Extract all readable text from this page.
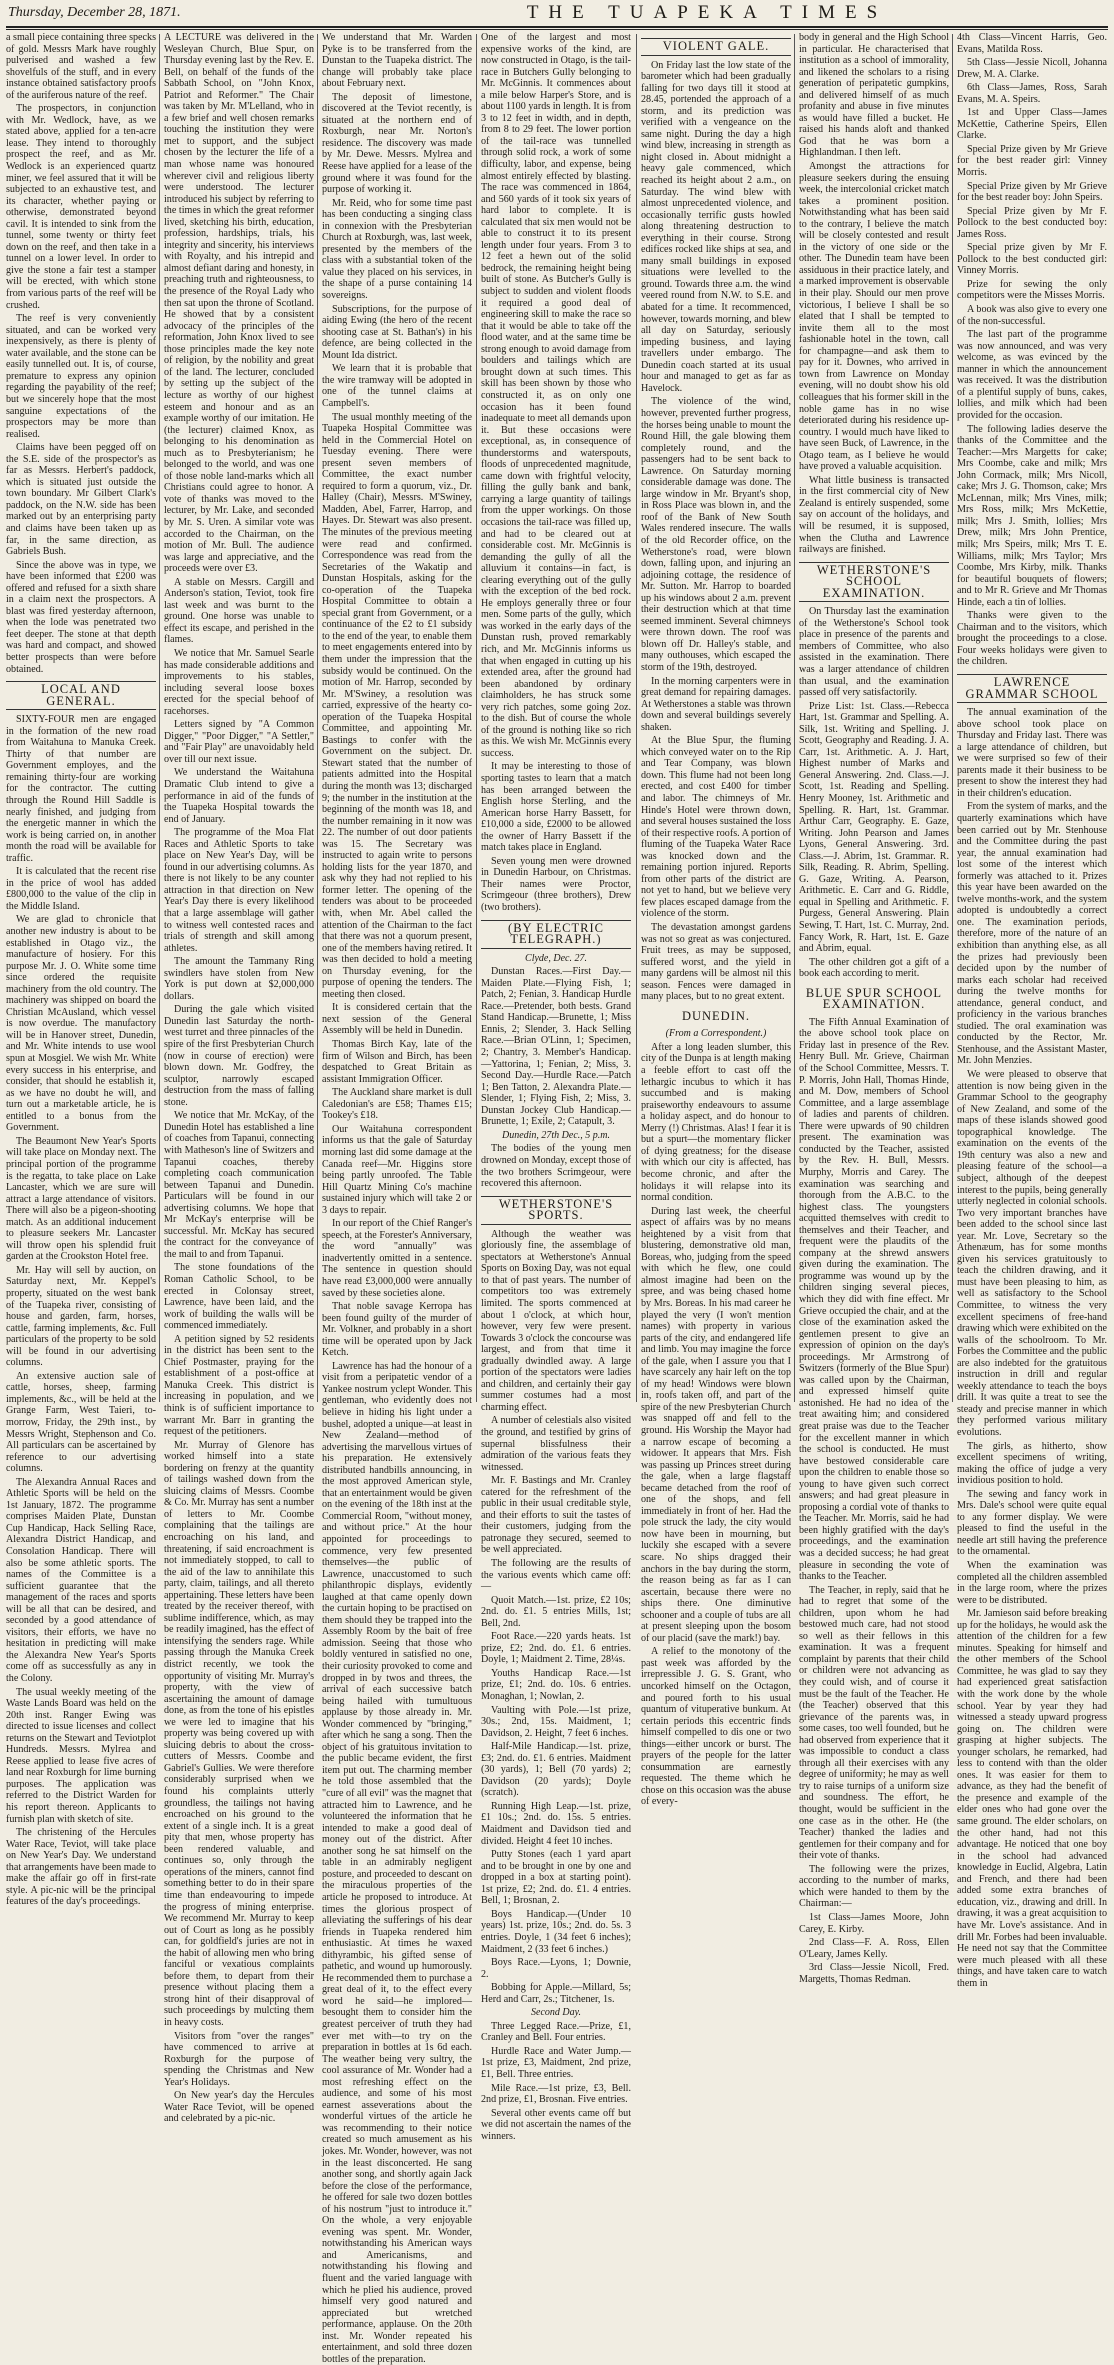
Thursday, December 28, 1871.	THE TUAPEKA TIMES

a small piece containing three specks of gold. Messrs Mark have roughly pulverised and washed a few shovelfuls of the stuff, and in every instance obtained satisfactory proofs of the auriferous nature of the reef.

The prospectors, in conjunction with Mr. Wedlock, have, as we stated above, applied for a ten-acre lease. They intend to thoroughly prospect the reef, and as Mr. Wedlock is an experienced quartz miner, we feel assured that it will be subjected to an exhaustive test, and its character, whether paying or otherwise, demonstrated beyond cavil. It is intended to sink from the tunnel, some twenty or thirty feet down on the reef, and then take in a tunnel on a lower level. In order to give the stone a fair test a stamper will be erected, with which stone from various parts of the reef will be crushed.

The reef is very conveniently situated, and can be worked very inexpensively, as there is plenty of water available, and the stone can be easily tunnelled out. It is, of course, premature to express any opinion regarding the payability of the reef; but we sincerely hope that the most sanguine expectations of the prospectors may be more than realised.

Claims have been pegged off on the S.E. side of the prospector's as far as Messrs. Herbert's paddock, which is situated just outside the town boundary. Mr Gilbert Clark's paddock, on the N.W. side has been marked out by an enterprising party and claims have been taken up as far, in the same direction, as Gabriels Bush.

Since the above was in type, we have been informed that £200 was offered and refused for a sixth share in a claim next the prospectors. A blast was fired yesterday afternoon, when the lode was penetrated two feet deeper. The stone at that depth was hard and compact, and showed better prospects than were before obtained.

LOCAL AND GENERAL.

SIXTY-FOUR men are engaged in the formation of the new road from Waitahuna to Manuka Creek. Thirty of that number are Government employes, and the remaining thirty-four are working for the contractor. The cutting through the Round Hill Saddle is nearly finished, and judging from the energetic manner in which the work is being carried on, in another month the road will be available for traffic.

It is calculated that the recent rise in the price of wool has added £800,000 to the value of the clip in the Middle Island.

We are glad to chronicle that another new industry is about to be established in Otago viz., the manufacture of hosiery. For this purpose Mr. J. O. White some time since ordered the requisite machinery from the old country. The machinery was shipped on board the Christian McAusland, which vessel is now overdue. The manufactory will be in Hanover street, Dunedin, and Mr. White intends to use wool spun at Mosgiel. We wish Mr. White every success in his enterprise, and consider, that should he establish it, as we have no doubt he will, and turn out a marketable article, he is entitled to a bonus from the Government.

The Beaumont New Year's Sports will take place on Monday next. The principal portion of the programme is the regatta, to take place on Lake Lancaster, which we are sure will attract a large attendance of visitors. There will also be a pigeon-shooting match. As an additional inducement to pleasure seekers Mr. Lancaster will throw open his splendid fruit garden at the Crookston Hotel free.

Mr. Hay will sell by auction, on Saturday next, Mr. Keppel's property, situated on the west bank of the Tuapeka river, consisting of house and garden, farm, horses, cattle, farming implements, &c. Full particulars of the property to be sold will be found in our advertising columns.

An extensive auction sale of cattle, horses, sheep, farming implements, &c., will be held at the Grange Farm, West Taieri, to-morrow, Friday, the 29th inst., by Messrs Wright, Stephenson and Co. All particulars can be ascertained by reference to our advertising columns.

The Alexandra Annual Races and Athletic Sports will be held on the 1st January, 1872. The programme comprises Maiden Plate, Dunstan Cup Handicap, Hack Selling Race, Alexandra District Handicap, and Consolation Handicap. There will also be some athletic sports. The names of the Committee is a sufficient guarantee that the management of the races and sports will be all that can be desired, and seconded by a good attendance of visitors, their efforts, we have no hesitation in predicting will make the Alexandra New Year's Sports come off as successfully as any in the Colony.

The usual weekly meeting of the Waste Lands Board was held on the 20th inst. Ranger Ewing was directed to issue licenses and collect returns on the Stewart and Teviotplot Hundreds. Messrs. Mylrea and Reese applied to lease five acres of land near Roxburgh for lime burning purposes. The application was referred to the District Warden for his report thereon. Applicants to furnish plan with sketch of site.

The christening of the Hercules Water Race, Teviot, will take place on New Year's Day. We understand that arrangements have been made to make the affair go off in first-rate style. A pic-nic will be the principal features of the day's proceedings.

A LECTURE was delivered in the Wesleyan Church, Blue Spur, on Thursday evening last by the Rev. E. Bell, on behalf of the funds of the Sabbath School, on "John Knox, Patriot and Reformer." The Chair was taken by Mr. M'Lelland, who in a few brief and well chosen remarks touching the institution they were met to support, and the subject chosen by the lecturer the life of a man whose name was honoured wherever civil and religious liberty were understood. The lecturer introduced his subject by referring to the times in which the great reformer lived, sketching his birth, education, profession, hardships, trials, his integrity and sincerity, his interviews with Royalty, and his intrepid and almost defiant daring and honesty, in preaching truth and righteousness, to the presence of the Royal Lady who then sat upon the throne of Scotland. He showed that by a consistent advocacy of the principles of the reformation, John Knox lived to see those principles made the key note of religion, by the nobility and great of the land. The lecturer, concluded by setting up the subject of the lecture as worthy of our highest esteem and honour and as an example worthy of our imitation. He (the lecturer) claimed Knox, as belonging to his denomination as much as to Presbyterianism; he belonged to the world, and was one of those noble land-marks which all Christians could agree to honor. A vote of thanks was moved to the lecturer, by Mr. Lake, and seconded by Mr. S. Uren. A similar vote was accorded to the Chairman, on the motion of Mr. Bull. The audience was large and appreciative, and the proceeds were over £3.

A stable on Messrs. Cargill and Anderson's station, Teviot, took fire last week and was burnt to the ground. One horse was unable to effect its escape, and perished in the flames.

We notice that Mr. Samuel Searle has made considerable additions and improvements to his stables, including several loose boxes erected for the special behoof of racehorses.

Letters signed by "A Common Digger," "Poor Digger," "A Settler," and "Fair Play" are unavoidably held over till our next issue.

We understand the Waitahuna Dramatic Club intend to give a performance in aid of the funds of the Tuapeka Hospital towards the end of January.

The programme of the Moa Flat Races and Athletic Sports to take place on New Year's Day, will be found in our advertising columns. As there is not likely to be any counter attraction in that direction on New Year's Day there is every likelihood that a large assemblage will gather to witness well contested races and trials of strength and skill among athletes.

The amount the Tammany Ring swindlers have stolen from New York is put down at $2,000,000 dollars.

During the gale which visited Dunedin last Saturday the north-west turret and three pinnacles of the spire of the first Presbyterian Church (now in course of erection) were blown down. Mr. Godfrey, the sculptor, narrowly escaped destruction from the mass of falling stone.

We notice that Mr. McKay, of the Dunedin Hotel has established a line of coaches from Tapanui, connecting with Matheson's line of Switzers and Tapanui coaches, thereby completing coach communication between Tapanui and Dunedin. Particulars will be found in our advertising columns. We hope that Mr McKay's enterprise will be successful. Mr. McKay has secured the contract for the conveyance of the mail to and from Tapanui.

The stone foundations of the Roman Catholic School, to be erected in Colonsay street, Lawrence, have been laid, and the work of building the walls will be commenced immediately.

A petition signed by 52 residents in the district has been sent to the Chief Postmaster, praying for the establishment of a post-office at Manuka Creek. This district is increasing in population, and we think is of sufficient importance to warrant Mr. Barr in granting the request of the petitioners.

Mr. Murray of Glenore has worked himself into a state bordering on frenzy at the quantity of tailings washed down from the sluicing claims of Messrs. Coombe & Co. Mr. Murray has sent a number of letters to Mr. Coombe complaining that the tailings are encroaching on his land, and threatening, if said encroachment is not immediately stopped, to call to the aid of the law to annihilate this party, claim, tailings, and all thereto appertaining. These letters have been treated by the receiver thereof, with sublime indifference, which, as may be readily imagined, has the effect of intensifying the senders rage. While passing through the Manuka Creek district recently, we took the opportunity of visiting Mr. Murray's property, with the view of ascertaining the amount of damage done, as from the tone of his epistles we were led to imagine that his property was being covered up with sluicing debris to about the cross-cutters of Messrs. Coombe and Gabriel's Gullies. We were therefore considerably surprised when we found his complaints utterly groundless, the tailings not having encroached on his ground to the extent of a single inch. It is a great pity that men, whose property has been rendered valuable, and continues so, only through the operations of the miners, cannot find something better to do in their spare time than endeavouring to impede the progress of mining enterprise. We recommend Mr. Murray to keep out of Court as long as he possibly can, for goldfield's juries are not in the habit of allowing men who bring fanciful or vexatious complaints before them, to depart from their presence without placing them a strong hint of their disapproval of such proceedings by mulcting them in heavy costs.

Visitors from "over the ranges" have commenced to arrive at Roxburgh for the purpose of spending the Christmas and New Year's Holidays.

On New year's day the Hercules Water Race Teviot, will be opened and celebrated by a pic-nic.

We understand that Mr. Warden Pyke is to be transferred from the Dunstan to the Tuapeka district. The change will probably take place about February next.

The deposit of limestone, discovered at the Teviot recently, is situated at the northern end of Roxburgh, near Mr. Norton's residence. The discovery was made by Mr. Dewe. Messrs. Mylrea and Reese have applied for a lease of the ground where it was found for the purpose of working it.

Mr. Reid, who for some time past has been conducting a singing class in connexion with the Presbyterian Church at Roxburgh, was, last week, presented by the members of the class with a substantial token of the value they placed on his services, in the shape of a purse containing 14 sovereigns.

Subscriptions, for the purpose of aiding Ewing (the hero of the recent shooting case at St. Bathan's) in his defence, are being collected in the Mount Ida district.

We learn that it is probable that the wire tramway will be adopted in one of the tunnel claims at Campbell's.

The usual monthly meeting of the Tuapeka Hospital Committee was held in the Commercial Hotel on Tuesday evening. There were present seven members of Committee, the exact number required to form a quorum, viz., Dr. Halley (Chair), Messrs. M'Swiney, Madden, Abel, Farrer, Harrop, and Hayes. Dr. Stewart was also present. The minutes of the previous meeting were read and confirmed. Correspondence was read from the Secretaries of the Wakatip and Dunstan Hospitals, asking for the co-operation of the Tuapeka Hospital Committee to obtain a special grant from Government, or a continuance of the £2 to £1 subsidy to the end of the year, to enable them to meet engagements entered into by them under the impression that the subsidy would be continued. On the motion of Mr. Harrop, seconded by Mr. M'Swiney, a resolution was carried, expressive of the hearty co-operation of the Tuapeka Hospital Committee, and appointing Mr. Bastings to confer with the Government on the subject. Dr. Stewart stated that the number of patients admitted into the Hospital during the month was 13; discharged 9; the number in the institution at the beginning of the month was 18, and the number remaining in it now was 22. The number of out door patients was 15. The Secretary was instructed to again write to persons holding lists for the year 1870, and ask why they had not replied to his former letter. The opening of the tenders was about to be proceeded with, when Mr. Abel called the attention of the Chairman to the fact that there was not a quorum present, one of the members having retired. It was then decided to hold a meeting on Thursday evening, for the purpose of opening the tenders. The meeting then closed.

It is considered certain that the next session of the General Assembly will be held in Dunedin.

Thomas Birch Kay, late of the firm of Wilson and Birch, has been despatched to Great Britain as assistant Immigration Officer.

The Auckland share market is dull Caledonian's are £58; Thames £15; Tookey's £18.

Our Waitahuna correspondent informs us that the gale of Saturday morning last did some damage at the Canada reef—Mr. Higgins store being partly unroofed. The Table Hill Quartz Mining Co's machine sustained injury which will take 2 or 3 days to repair.

In our report of the Chief Ranger's speech, at the Forester's Anniversary, the word "annually" was inadvertently omitted in a sentence. The sentence in question should have read £3,000,000 were annually saved by these societies alone.

That noble savage Kerropa has been found guilty of the murder of Mr. Volkner, and probably in a short time will be operated upon by Jack Ketch.

Lawrence has had the honour of a visit from a peripatetic vendor of a Yankee nostrum yclept Wonder. This gentleman, who evidently does not believe in hiding his light under a bushel, adopted a unique—at least in New Zealand—method of advertising the marvellous virtues of his preparation. He extensively distributed handbills announcing, in the most approved American style, that an entertainment would be given on the evening of the 18th inst at the Commercial Room, "without money, and without price." At the hour appointed for proceedings to commence, very few presented themselves—the public of Lawrence, unaccustomed to such philanthropic displays, evidently laughed at that came openly down the curtain hoping to be practised on them should they be trapped into the Assembly Room by the bait of free admission. Seeing that those who boldly ventured in satisfied no one, their curiosity provoked to come and dropped in by twos and threes, the arrival of each successive batch being hailed with tumultuous applause by those already in. Mr. Wonder commenced by "bringing," after which he sang a song. Then the object of his gratuitous invitation to the public became evident, the first item put out. The charming member he told those assembled that the "cure of all evil" was the magnet that attracted him to Lawrence, and he volunteered the information that he intended to make a good deal of money out of the district. After another song he sat himself on the table in an admirably negligent posture, and proceeded to descant on the miraculous properties of the article he proposed to introduce. At times the glorious prospect of alleviating the sufferings of his dear friends in Tuapeka rendered him enthusiastic. At times he waxed dithyrambic, his gifted sense of pathetic, and wound up humorously. He recommended them to purchase a great deal of it, to the effect every word he said—he implored—besought them to consider him the greatest perceiver of truth they had ever met with—to try on the preparation in bottles at 1s 6d each. The weather being very sultry, the cool assurance of Mr. Wonder had a most refreshing effect on the audience, and some of his most earnest asseverations about the wonderful virtues of the article he was recommending to their notice created so much amusement as his jokes. Mr. Wonder, however, was not in the least disconcerted. He sang another song, and shortly again Jack before the close of the performance, he offered for sale two dozen bottles of his nostrum "just to introduce it." On the whole, a very enjoyable evening was spent. Mr. Wonder, notwithstanding his American ways and Americanisms, and notwithstanding his flowing and fluent and the varied language with which he plied his audience, proved himself very good natured and appreciated but wretched performance, applause. On the 20th inst. Mr. Wonder repeated his entertainment, and sold three dozen bottles of the preparation.

One of the largest and most expensive works of the kind, are now constructed in Otago, is the tail-race in Butchers Gully belonging to Mr. McGinnis. It commences about a mile below Harper's Store, and is about 1100 yards in length. It is from 3 to 12 feet in width, and in depth, from 8 to 29 feet. The lower portion of the tail-race was tunnelled through solid rock, a work of some difficulty, labor, and expense, being almost entirely effected by blasting. The race was commenced in 1864, and 560 yards of it took six years of hard labor to complete. It is calculated that six men would not be able to construct it to its present length under four years. From 3 to 12 feet a hewn out of the solid bedrock, the remaining height being built of stone. As Butcher's Gully is subject to sudden and violent floods it required a good deal of engineering skill to make the race so that it would be able to take off the flood water, and at the same time be strong enough to avoid damage from boulders and tailings which are brought down at such times. This skill has been shown by those who constructed it, as on only one occasion has it been found inadequate to meet all demands upon it. But these occasions were exceptional, as, in consequence of thunderstorms and waterspouts, floods of unprecedented magnitude, came down with frightful velocity, filling the gully bank and bank, carrying a large quantity of tailings from the upper workings. On those occasions the tail-race was filled up, and had to be cleared out at considerable cost. Mr. McGinnis is demanding the gully of all the alluvium it contains—in fact, is clearing everything out of the gully with the exception of the bed rock. He employs generally three or four men. Some parts of the gully, which was worked in the early days of the Dunstan rush, proved remarkably rich, and Mr. McGinnis informs us that when engaged in cutting up his extended area, after the ground had been abandoned by ordinary claimholders, he has struck some very rich patches, some going 2oz. to the dish. But of course the whole of the ground is nothing like so rich as this. We wish Mr. McGinnis every success.

It may be interesting to those of sporting tastes to learn that a match has been arranged between the English horse Sterling, and the American horse Harry Bassett, for £10,000 a side, £2000 to be allowed the owner of Harry Bassett if the match takes place in England.

Seven young men were drowned in Dunedin Harbour, on Christmas. Their names were Proctor, Scrimgeour (three brothers), Drew (two brothers).

(BY ELECTRIC TELEGRAPH.)
Clyde, Dec. 27.

Dunstan Races.—First Day.—Maiden Plate.—Flying Fish, 1; Patch, 2; Fenian, 3. Handicap Hurdle Race.—Pretender, both bests. Grand Stand Handicap.—Brunette, 1; Miss Ennis, 2; Slender, 3. Hack Selling Race.—Brian O'Linn, 1; Specimen, 2; Chantry, 3. Member's Handicap.—Yattorina, 1; Fenian, 2; Miss, 3. Second Day.—Hurdle Race.—Patch 1; Ben Tatton, 2. Alexandra Plate.—Slender, 1; Flying Fish, 2; Miss, 3. Dunstan Jockey Club Handicap.—Brunette, 1; Exile, 2; Catapult, 3.

Dunedin, 27th Dec., 5 p.m.

The bodies of the young men drowned on Monday, except those of the two brothers Scrimgeour, were recovered this afternoon.

WETHERSTONE'S SPORTS.

Although the weather was gloriously fine, the assemblage of spectators at Wetherstone's Annual Sports on Boxing Day, was not equal to that of past years. The number of competitors too was extremely limited. The sports commenced at about 1 o'clock, at which hour, however, very few were present. Towards 3 o'clock the concourse was largest, and from that time it gradually dwindled away. A large portion of the spectators were ladies and children, and certainly their gay summer costumes had a most charming effect.

A number of celestials also visited the ground, and testified by grins of supernal blissfulness their admiration of the various feats they witnessed.

Mr. F. Bastings and Mr. Cranley catered for the refreshment of the public in their usual creditable style, and their efforts to suit the tastes of their customers, judging from the patronage they secured, seemed to be well appreciated.

The following are the results of the various events which came off:—

Quoit Match.—1st. prize, £2 10s; 2nd. do. £1. 5 entries Mills, 1st; Bell, 2nd.

Foot Race.—220 yards heats. 1st prize, £2; 2nd. do. £1. 6 entries. Doyle, 1; Maidment 2. Time, 28¼s.

Youths Handicap Race.—1st prize, £1; 2nd. do. 10s. 6 entries. Monaghan, 1; Nowlan, 2.

Vaulting with Pole.—1st prize, 30s.; 2nd, 15s. Maidment, 1; Davidson, 2. Height, 7 feet 6 inches.

Half-Mile Handicap.—1st. prize, £3; 2nd. do. £1. 6 entries. Maidment (30 yards), 1; Bell (70 yards) 2; Davidson (20 yards); Doyle (scratch).

Running High Leap.—1st. prize, £1 10s.; 2nd. do. 15s. 5 entries. Maidment and Davidson tied and divided. Height 4 feet 10 inches.

Putty Stones (each 1 yard apart and to be brought in one by one and dropped in a box at starting point). 1st prize, £2; 2nd. do. £1. 4 entries. Bell, 1; Brosnan, 2.

Boys Handicap.—(Under 10 years) 1st. prize, 10s.; 2nd. do. 5s. 3 entries. Doyle, 1 (34 feet 6 inches); Maidment, 2 (33 feet 6 inches.)

Boys Race.—Lyons, 1; Downie, 2.

Bobbing for Apple.—Millard, 5s; Herd and Carr, 2s.; Titchener, 1s.

Second Day.

Three Legged Race.—Prize, £1, Cranley and Bell. Four entries.

Hurdle Race and Water Jump.—1st prize, £3, Maidment, 2nd prize, £1, Bell. Three entries.

Mile Race.—1st prize, £3, Bell. 2nd prize, £1, Brosnan. Five entries.

Several other events came off but we did not ascertain the names of the winners.

VIOLENT GALE.

On Friday last the low state of the barometer which had been gradually falling for two days till it stood at 28.45, portended the approach of a storm, and its prediction was verified with a vengeance on the same night. During the day a high wind blew, increasing in strength as night closed in. About midnight a heavy gale commenced, which reached its height about 2 a.m., on Saturday. The wind blew with almost unprecedented violence, and occasionally terrific gusts howled along threatening destruction to everything in their course. Strong edifices rocked like ships at sea, and many small buildings in exposed situations were levelled to the ground. Towards three a.m. the wind veered round from N.W. to S.E. and abated for a time. It recommenced, however, towards morning, and blew all day on Saturday, seriously impeding business, and laying travellers under embargo. The Dunedin coach started at its usual hour and managed to get as far as Havelock.

The violence of the wind, however, prevented further progress, the horses being unable to mount the Round Hill, the gale blowing them completely round, and the passengers had to be sent back to Lawrence. On Saturday morning considerable damage was done. The large window in Mr. Bryant's shop, in Ross Place was blown in, and the roof of the Bank of New South Wales rendered insecure. The walls of the old Recorder office, on the Wetherstone's road, were blown down, falling upon, and injuring an adjoining cottage, the residence of Mr. Sutton. Mr. Harrop to boarded up his windows about 2 a.m. prevent their destruction which at that time seemed imminent. Several chimneys were thrown down. The roof was blown off Dr. Halley's stable, and many outhouses, which escaped the storm of the 19th, destroyed.

In the morning carpenters were in great demand for repairing damages. At Wetherstones a stable was thrown down and several buildings severely shaken.

At the Blue Spur, the fluming which conveyed water on to the Rip and Tear Company, was blown down. This flume had not been long erected, and cost £400 for timber and labor. The chimneys of Mr. Hinde's Hotel were thrown down, and several houses sustained the loss of their respective roofs. A portion of fluming of the Tuapeka Water Race was knocked down and the remaining portion injured. Reports from other parts of the district are not yet to hand, but we believe very few places escaped damage from the violence of the storm.

The devastation amongst gardens was not so great as was conjectured. Fruit trees, as may be supposed, suffered worst, and the yield in many gardens will be almost nil this season. Fences were damaged in many places, but to no great extent.

DUNEDIN.
(From a Correspondent.)

After a long leaden slumber, this city of the Dunpa is at length making a feeble effort to cast off the lethargic incubus to which it has succumbed and is making praiseworthy endeavours to assume a holiday aspect, and do honour to Merry (!) Christmas. Alas! I fear it is but a spurt—the momentary flicker of dying greatness; for the disease with which our city is affected, has become chronic, and after the holidays it will relapse into its normal condition.

During last week, the cheerful aspect of affairs was by no means heightened by a visit from that blustering, demonstrative old man, Boreas, who, judging from the speed with which he flew, one could almost imagine had been on the spree, and was being chased home by Mrs. Boreas. In his mad career he played the very (I won't mention names) with property in various parts of the city, and endangered life and limb. You may imagine the force of the gale, when I assure you that I have scarcely any hair left on the top of my head! Windows were blown in, roofs taken off, and part of the spire of the new Presbyterian Church was snapped off and fell to the ground. His Worship the Mayor had a narrow escape of becoming a widower. It appears that Mrs. Fish was passing up Princes street during the gale, when a large flagstaff became detached from the roof of one of the shops, and fell immediately in front of her. Had the pole struck the lady, the city would now have been in mourning, but luckily she escaped with a severe scare. No ships dragged their anchors in the bay during the storm, the reason being as far as I can ascertain, because there were no ships there. One diminutive schooner and a couple of tubs are all at present sleeping upon the bosom of our placid (save the mark!) bay.

A relief to the monotony of the past week was afforded by the irrepressible J. G. S. Grant, who uncorked himself on the Octagon, and poured forth to his usual quantum of vituperative bunkum. At certain periods this eccentric finds himself compelled to dis one or two things—either uncork or burst. The prayers of the people for the latter consummation are earnestly requested. The theme which he chose on this occasion was the abuse of every-

body in general and the High School in particular. He characterised that institution as a school of immorality, and likened the scholars to a rising generation of peripatetic gumpkins, and delivered himself of as much profanity and abuse in five minutes as would have filled a bucket. He raised his hands aloft and thanked God that he was born a Highlandman. I then left.

Amongst the attractions for pleasure seekers during the ensuing week, the intercolonial cricket match takes a prominent position. Notwithstanding what has been said to the contrary, I believe the match will be closely contested and result in the victory of one side or the other. The Dunedin team have been assiduous in their practice lately, and a marked improvement is observable in their play. Should our men prove victorious, I believe I shall be so elated that I shall be tempted to invite them all to the most fashionable hotel in the town, call for champagne—and ask them to pay for it. Downes, who arrived in town from Lawrence on Monday evening, will no doubt show his old colleagues that his former skill in the noble game has in no wise deteriorated during his residence up-country. I would much have liked to have seen Buck, of Lawrence, in the Otago team, as I believe he would have proved a valuable acquisition.

What little business is transacted in the first commercial city of New Zealand is entirely suspended, some say on account of the holidays, and will be resumed, it is supposed, when the Clutha and Lawrence railways are finished.

WETHERSTONE'S SCHOOL EXAMINATION.

On Thursday last the examination of the Wetherstone's School took place in presence of the parents and members of Committee, who also assisted in the examination. There was a larger attendance of children than usual, and the examination passed off very satisfactorily.

Prize List: 1st. Class.—Rebecca Hart, 1st. Grammar and Spelling. A. Silk, 1st. Writing and Spelling. J. Scott, Geography and Reading. J. A. Carr, 1st. Arithmetic. A. J. Hart, Highest number of Marks and General Answering. 2nd. Class.—J. Scott, 1st. Reading and Spelling. Henry Mooney, 1st. Arithmetic and Spelling. R. Hart, 1st. Grammar. Arthur Carr, Geography. E. Gaze, Writing. John Pearson and James Lyons, General Answering. 3rd. Class.—J. Abrim, 1st. Grammar. R. Silk, Reading. R. Abrim, Spelling. G. Gaze, Writing. A. Pearson, Arithmetic. E. Carr and G. Riddle, equal in Spelling and Arithmetic. F. Purgess, General Answering. Plain Sewing, T. Hart, 1st. C. Murray, 2nd. Fancy Work, R. Hart, 1st. E. Gaze and Abrim, equal.

The other children got a gift of a book each according to merit.

BLUE SPUR SCHOOL EXAMINATION.

The Fifth Annual Examination of the above school took place on Friday last in presence of the Rev. Henry Bull. Mr. Grieve, Chairman of the School Committee, Messrs. T. P. Morris, John Hall, Thomas Hinde, and M. Dow, members of School Committee, and a large assemblage of ladies and parents of children. There were upwards of 90 children present. The examination was conducted by the Teacher, assisted by the Rev. H. Bull, Messrs. Murphy, Morris and Carey. The examination was searching and thorough from the A.B.C. to the highest class. The youngsters acquitted themselves with credit to themselves and their Teacher, and frequent were the plaudits of the company at the shrewd answers given during the examination. The programme was wound up by the children singing several pieces, which they did with fine effect. Mr Grieve occupied the chair, and at the close of the examination asked the gentlemen present to give an expression of opinion on the day's proceedings. Mr Armstrong of Switzers (formerly of the Blue Spur) was called upon by the Chairman, and expressed himself quite astonished. He had no idea of the treat awaiting him; and considered great praise was due to the Teacher for the excellent manner in which the school is conducted. He must have bestowed considerable care upon the children to enable those so young to have given such correct answers; and had great pleasure in proposing a cordial vote of thanks to the Teacher. Mr. Morris, said he had been highly gratified with the day's proceedings, and the examination was a decided success; he had great pleasure in seconding the vote of thanks to the Teacher.

The Teacher, in reply, said that he had to regret that some of the children, upon whom he had bestowed much care, had not stood so well as their fellows in this examination. It was a frequent complaint by parents that their child or children were not advancing as they could wish, and of course it must be the fault of the Teacher. He (the Teacher) observed that this grievance of the parents was, in some cases, too well founded, but he had observed from experience that it was impossible to conduct a class through all their exercises with any degree of uniformity; he may as well try to raise turnips of a uniform size and soundness. The effort, he thought, would be sufficient in the one case as in the other. He (the Teacher) thanked the ladies and gentlemen for their company and for their vote of thanks.

The following were the prizes, according to the number of marks, which were handed to them by the Chairman:—

1st Class—James Moore, John Carey, E. Kirby.

2nd Class—F. A. Ross, Ellen O'Leary, James Kelly.

3rd Class—Jessie Nicoll, Fred. Margetts, Thomas Redman.

4th Class—Vincent Harris, Geo. Evans, Matilda Ross.

5th Class—Jessie Nicoll, Johanna Drew, M. A. Clarke.

6th Class—James, Ross, Sarah Evans, M. A. Speirs.

1st and Upper Class—James McKettie, Catherine Speirs, Ellen Clarke.

Special Prize given by Mr Grieve for the best reader girl: Vinney Morris.

Special Prize given by Mr Grieve for the best reader boy: John Speirs.

Special Prize given by Mr F. Pollock to the best conducted boy: James Ross.

Special prize given by Mr F. Pollock to the best conducted girl: Vinney Morris.

Prize for sewing the only competitors were the Misses Morris.

A book was also give to every one of the non-successful.

The last part of the programme was now announced, and was very welcome, as was evinced by the manner in which the announcement was received. It was the distribution of a plentiful supply of buns, cakes, lollies, and milk which had been provided for the occasion.

The following ladies deserve the thanks of the Committee and the Teacher:—Mrs Margetts for cake; Mrs Coombe, cake and milk; Mrs John Cormack, milk; Mrs Nicoll, cake; Mrs J. G. Thomson, cake; Mrs McLennan, milk; Mrs Vines, milk; Mrs Ross, milk; Mrs McKettie, milk; Mrs J. Smith, lollies; Mrs Drew, milk; Mrs John Prentice, milk; Mrs Speirs, milk; Mrs T. E. Williams, milk; Mrs Taylor; Mrs Coombe, Mrs Kirby, milk. Thanks for beautiful bouquets of flowers; and to Mr R. Grieve and Mr Thomas Hinde, each a tin of lollies.

Thanks were given to the Chairman and to the visitors, which brought the proceedings to a close. Four weeks holidays were given to the children.

LAWRENCE GRAMMAR SCHOOL

The annual examination of the above school took place on Thursday and Friday last. There was a large attendance of children, but we were surprised so few of their parents made it their business to be present to show the interest they had in their children's education.

From the system of marks, and the quarterly examinations which have been carried out by Mr. Stenhouse and the Committee during the past year, the annual examination had lost some of the interest which formerly was attached to it. Prizes this year have been awarded on the twelve months-work, and the system adopted is undoubtedly a correct one. The examination periods, therefore, more of the nature of an exhibition than anything else, as all the prizes had previously been decided upon by the number of marks each scholar had received during the twelve months for attendance, general conduct, and proficiency in the various branches studied. The oral examination was conducted by the Rector, Mr. Stenhouse, and the Assistant Master, Mr. John Menzies.

We were pleased to observe that attention is now being given in the Grammar School to the geography of New Zealand, and some of the maps of these islands showed good topographical knowledge. The examination on the events of the 19th century was also a new and pleasing feature of the school—a subject, although of the deepest interest to the pupils, being generally utterly neglected in colonial schools. Two very important branches have been added to the school since last year. Mr. Love, Secretary so the Athenæum, has for some months given his services gratuitously to teach the children drawing, and it must have been pleasing to him, as well as satisfactory to the School Committee, to witness the very excellent specimens of free-hand drawing which were exhibited on the walls of the schoolroom. To Mr. Forbes the Committee and the public are also indebted for the gratuitous instruction in drill and regular weekly attendance to teach the boys drill. It was quite a treat to see the steady and precise manner in which they performed various military evolutions.

The girls, as hitherto, show excellent specimens of writing, making the office of judge a very invidious position to hold.

The sewing and fancy work in Mrs. Dale's school were quite equal to any former display. We were pleased to find the useful in the needle art still having the preference to the ornamental.

When the examination was completed all the children assembled in the large room, where the prizes were to be distributed.

Mr. Jamieson said before breaking up for the holidays, he would ask the attention of the children for a few minutes. Speaking for himself and the other members of the School Committee, he was glad to say they had experienced great satisfaction with the work done by the whole school. Year by year they had witnessed a steady upward progress going on. The children were grasping at higher subjects. The younger scholars, he remarked, had less to contend with than the older ones. It was easier for them to advance, as they had the benefit of the presence and example of the elder ones who had gone over the same ground. The elder scholars, on the other hand, had not this advantage. He noticed that one boy in the school had advanced knowledge in Euclid, Algebra, Latin and French, and there had been added some extra branches of education, viz., drawing and drill. In drawing, it was a great acquisition to have Mr. Love's assistance. And in drill Mr. Forbes had been invaluable. He need not say that the Committee were much pleased with all these things, and have taken care to watch them in
